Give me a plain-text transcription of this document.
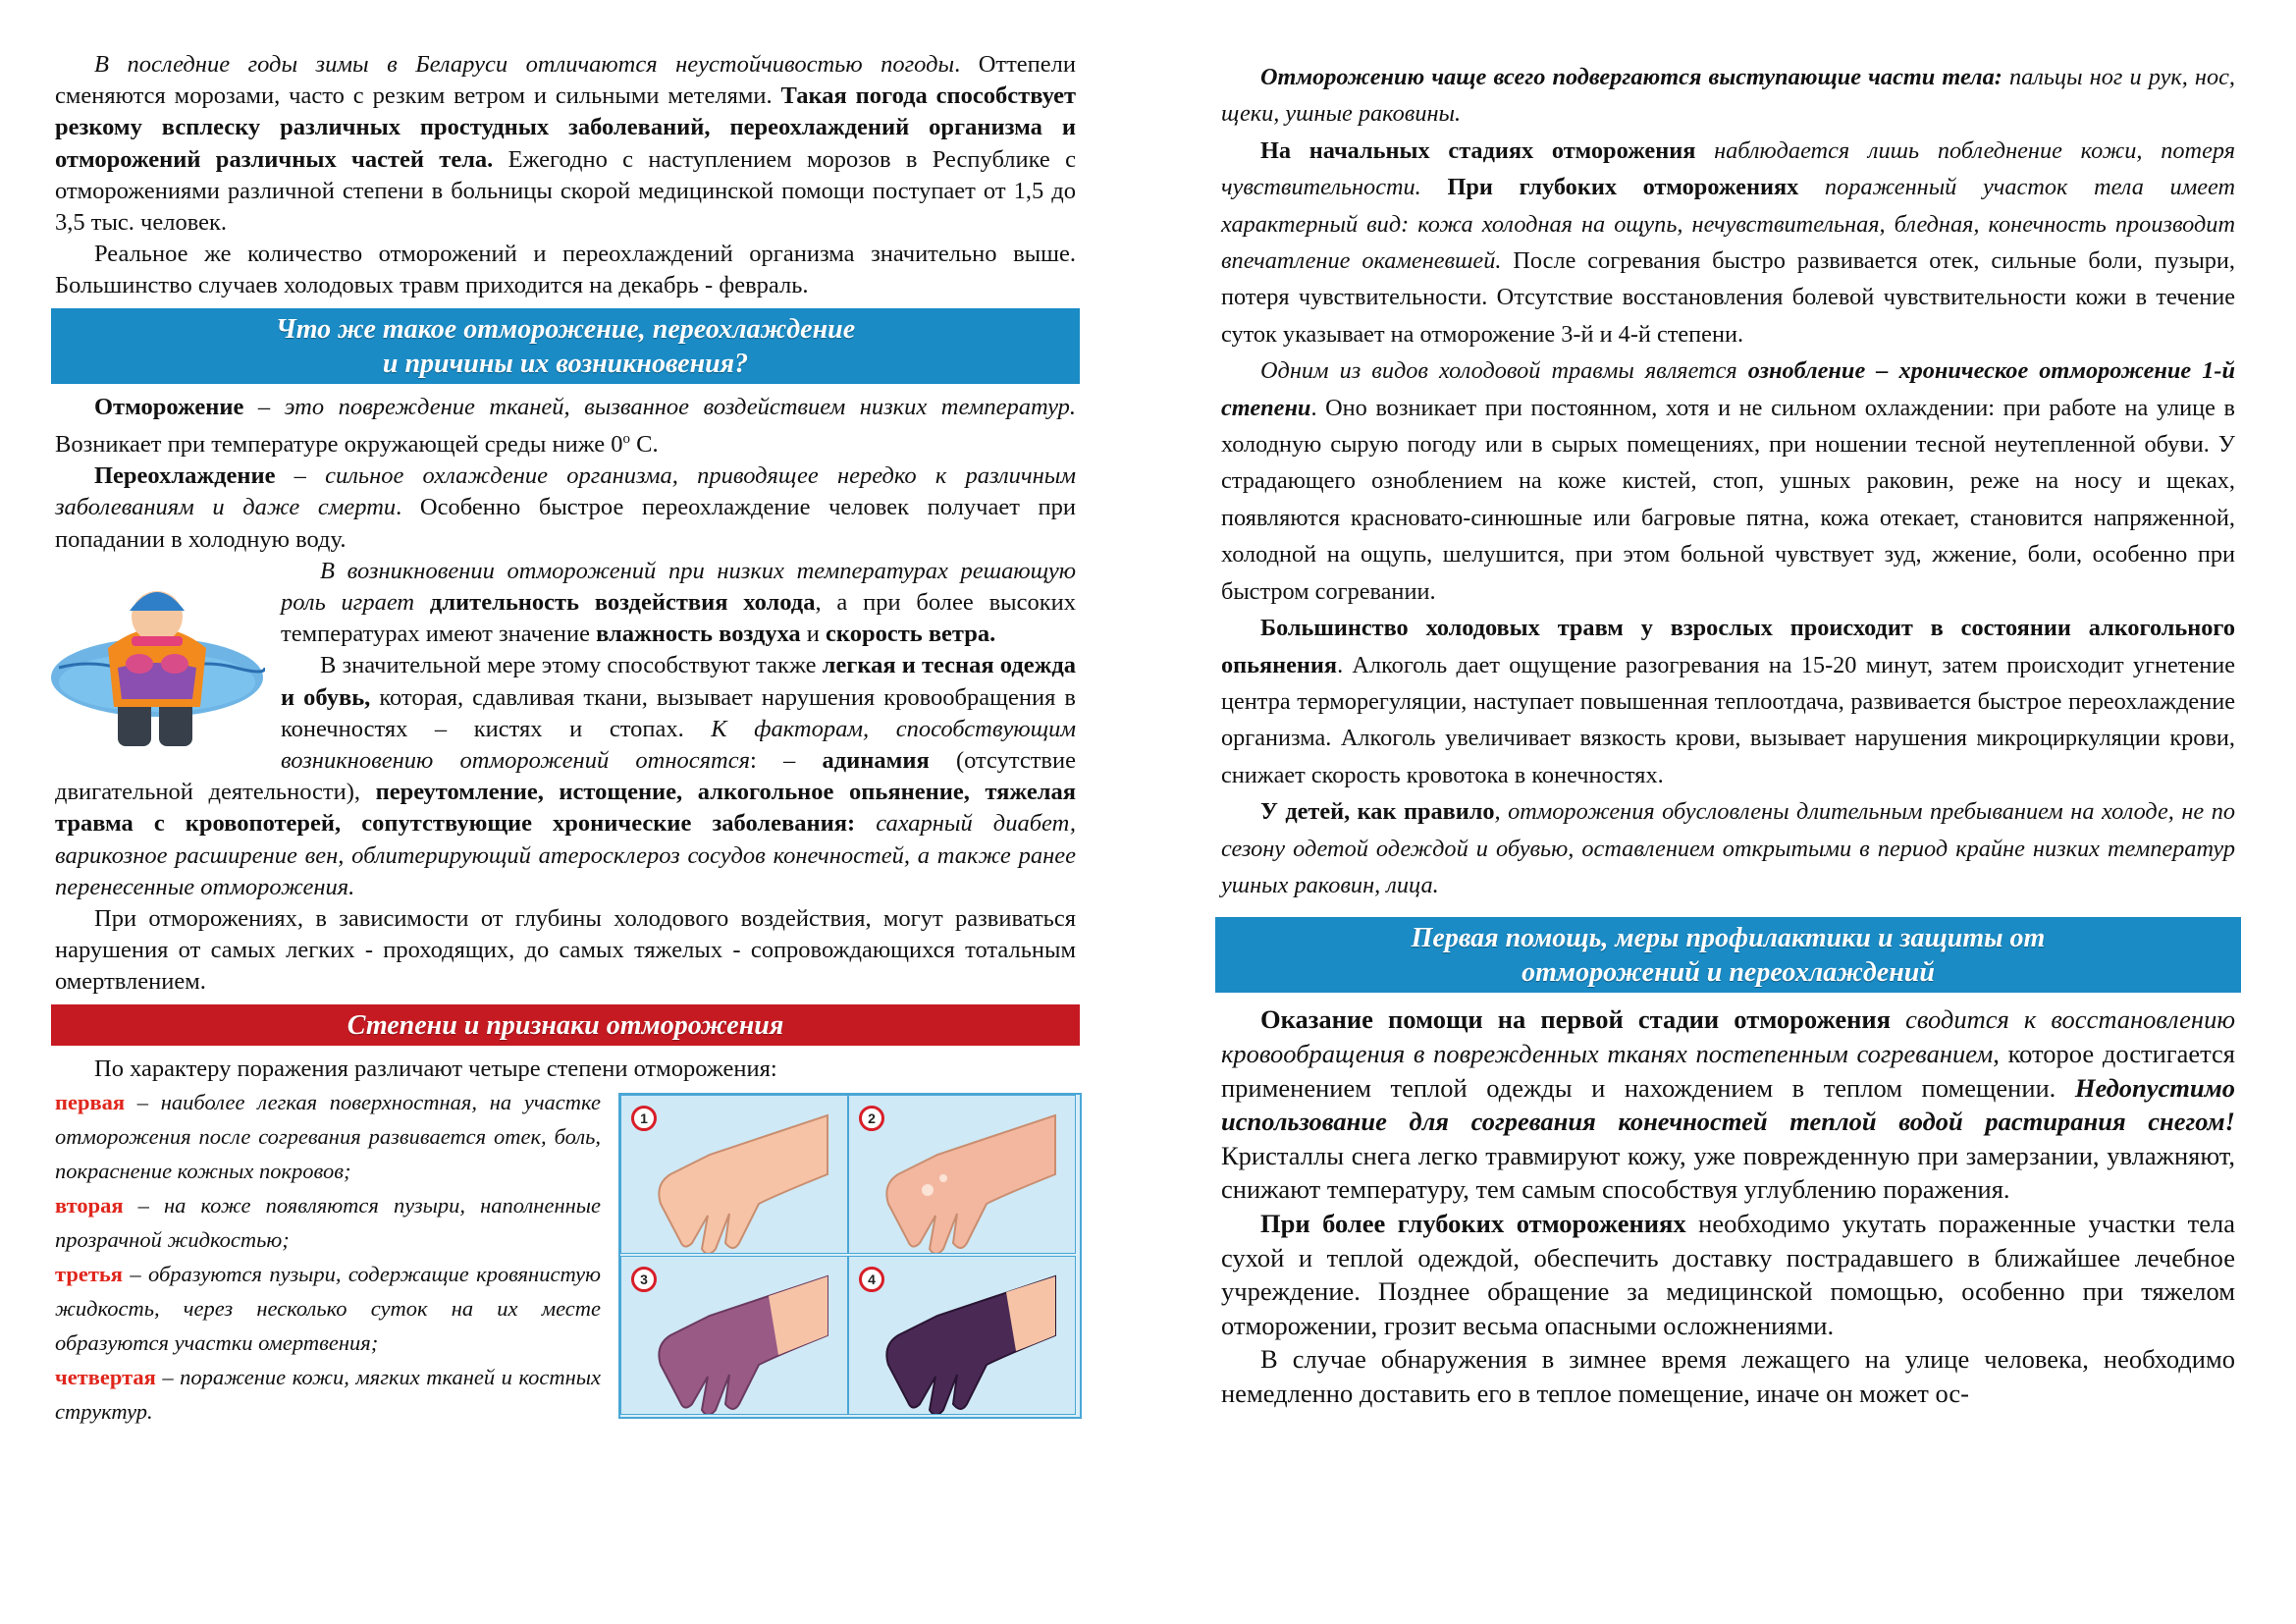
В последние годы зимы в Беларуси отличаются неустойчивостью погоды. Оттепели сменяются морозами, часто с резким ветром и сильными метелями. Такая погода способствует резкому всплеску различных простудных заболеваний, переохлаждений организма и отморожений различных частей тела. Ежегодно с наступлением морозов в Республике с отморожениями различной степени в больницы скорой медицинской помощи поступает от 1,5 до 3,5 тыс. человек.

Реальное же количество отморожений и переохлаждений организма значительно выше. Большинство случаев холодовых травм приходится на декабрь - февраль.

Что же такое отморожение, переохлаждение
и причины их возникновения?

Отморожение – это повреждение тканей, вызванное воздействием низких температур. Возникает при температуре окружающей среды ниже $0^о$ С.

Переохлаждение – сильное охлаждение организма, приводящее нередко к различным заболеваниям и даже смерти. Особенно быстрое переохлаждение человек получает при попадании в холодную воду.

В возникновении отморожений при низких температурах решающую роль играет длительность воздействия холода, а при более высоких температурах имеют значение влажность воздуха и скорость ветра.

В значительной мере этому способствуют также легкая и тесная одежда и обувь, которая, сдавливая ткани, вызывает нарушения кровообращения в конечностях – кистях и стопах. К факторам, способствующим возникновению отморожений относятся: – адинамия (отсутствие двигательной деятельности), переутомление, истощение, алкогольное опьянение, тяжелая травма с кровопотерей, сопутствующие хронические заболевания: сахарный диабет, варикозное расширение вен, облитерирующий атеросклероз сосудов конечностей, а также ранее перенесенные отморожения.

При отморожениях, в зависимости от глубины холодового воздействия, могут развиваться нарушения от самых легких - проходящих, до самых тяжелых - сопровождающихся тотальным омертвлением.

Степени и признаки отморожения

По характеру поражения различают четыре степени отморожения:

1	2
3	4

первая – наиболее легкая поверхностная, на участке отморожения после согревания развивается отек, боль, покраснение кожных покровов;

вторая – на коже появляются пузыри, наполненные прозрачной жидкостью;

третья – образуются пузыри, содержащие кровянистую жидкость, через несколько суток на их месте образуются участки омертвения;

четвертая – поражение кожи, мягких тканей и костных структур.

Отморожению чаще всего подвергаются выступающие части тела: пальцы ног и рук, нос, щеки, ушные раковины.

На начальных стадиях отморожения наблюдается лишь побледнение кожи, потеря чувствительности. При глубоких отморожениях пораженный участок тела имеет характерный вид: кожа холодная на ощупь, нечувствительная, бледная, конечность производит впечатление окаменевшей. После согревания быстро развивается отек, сильные боли, пузыри, потеря чувствительности. Отсутствие восстановления болевой чувствительности кожи в течение суток указывает на отморожение 3-й и 4-й степени.

Одним из видов холодовой травмы является ознобление – хроническое отморожение 1-й степени. Оно возникает при постоянном, хотя и не сильном охлаждении: при работе на улице в холодную сырую погоду или в сырых помещениях, при ношении тесной неутепленной обуви. У страдающего ознoблением на коже кистей, стоп, ушных раковин, реже на носу и щеках, появляются красновато-синюшные или багровые пятна, кожа отекает, становится напряженной, холодной на ощупь, шелушится, при этом больной чувствует зуд, жжение, боли, особенно при быстром согревании.

Большинство холодовых травм у взрослых происходит в состоянии алкогольного опьянения. Алкоголь дает ощущение разогревания на 15-20 минут, затем происходит угнетение центра терморегуляции, наступает повышенная теплоотдача, развивается быстрое переохлаждение организма. Алкоголь увеличивает вязкость крови, вызывает нарушения микроциркуляции крови, снижает скорость кровотока в конечностях.

У детей, как правило, отморожения обусловлены длительным пребыванием на холоде, не по сезону одетой одеждой и обувью, оставлением открытыми в период крайне низких температур ушных раковин, лица.

Первая помощь, меры профилактики и защиты от
отморожений и переохлаждений

Оказание помощи на первой стадии отморожения сводится к восстановлению кровообращения в поврежденных тканях постепенным согреванием, которое достигается применением теплой одежды и нахождением в теплом помещении. Недопустимо использование для согревания конечностей теплой водой растирания снегом! Кристаллы снега легко травмируют кожу, уже поврежденную при замерзании, увлажняют, снижают температуру, тем самым способствуя углублению поражения.

При более глубоких отморожениях необходимо укутать пораженные участки тела сухой и теплой одеждой, обеспечить доставку пострадавшего в ближайшее лечебное учреждение. Позднее обращение за медицинской помощью, особенно при тяжелом отморожении, грозит весьма опасными осложнениями.

В случае обнаружения в зимнее время лежащего на улице человека, необходимо немедленно доставить его в теплое помещение, иначе он может ос-
